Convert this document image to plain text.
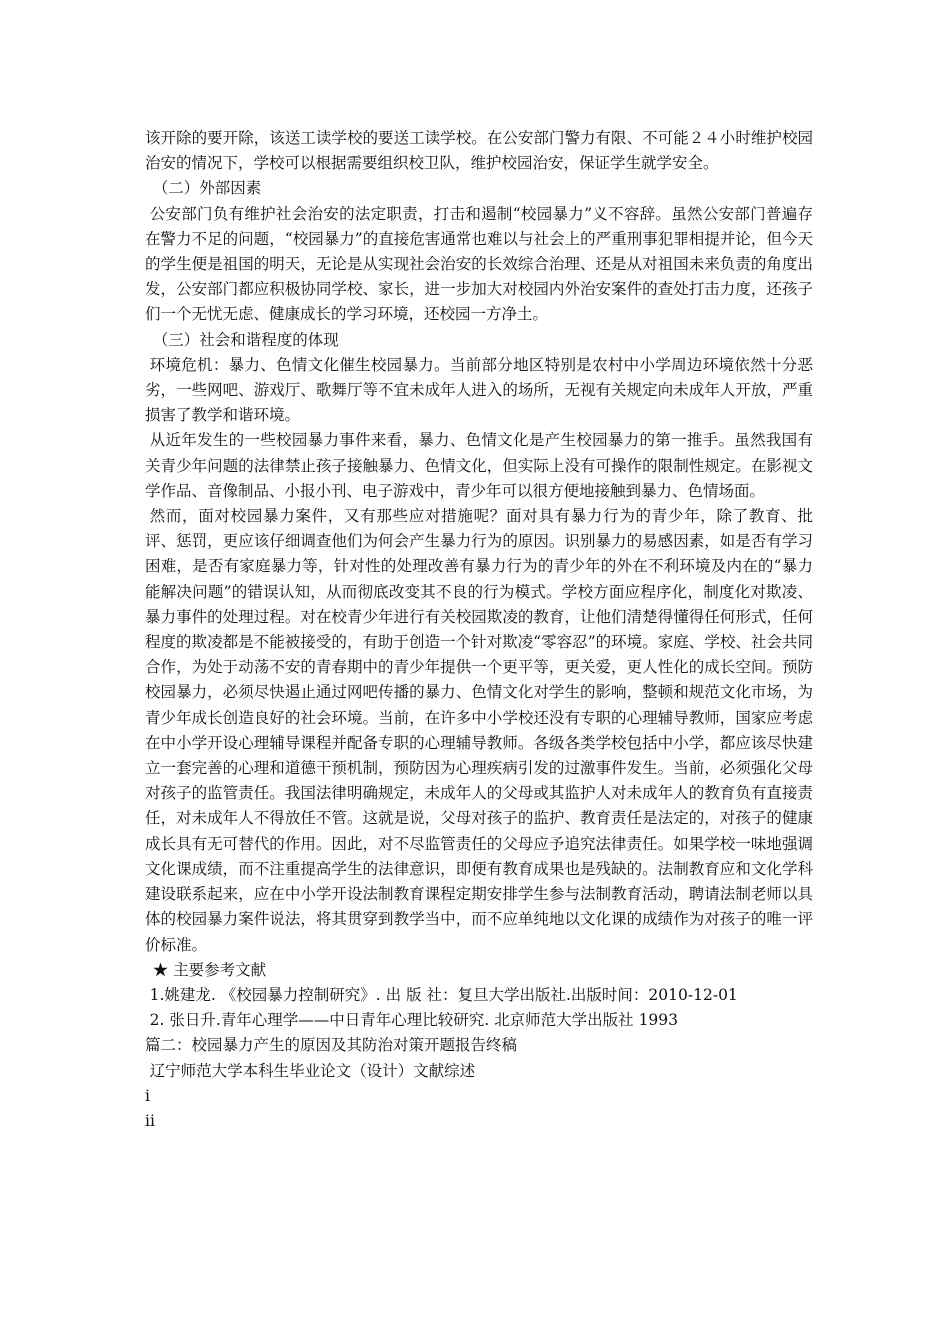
该开除的要开除，该送工读学校的要送工读学校。在公安部门警力有限、不可能２４小时维护校园治安的情况下，学校可以根据需要组织校卫队，维护校园治安，保证学生就学安全。

（二）外部因素

公安部门负有维护社会治安的法定职责，打击和遏制“校园暴力”义不容辞。虽然公安部门普遍存在警力不足的问题，“校园暴力”的直接危害通常也难以与社会上的严重刑事犯罪相提并论，但今天的学生便是祖国的明天，无论是从实现社会治安的长效综合治理、还是从对祖国未来负责的角度出发，公安部门都应积极协同学校、家长，进一步加大对校园内外治安案件的查处打击力度，还孩子们一个无忧无虑、健康成长的学习环境，还校园一方净土。

（三）社会和谐程度的体现

环境危机：暴力、色情文化催生校园暴力。当前部分地区特别是农村中小学周边环境依然十分恶劣，一些网吧、游戏厅、歌舞厅等不宜未成年人进入的场所，无视有关规定向未成年人开放，严重损害了教学和谐环境。

从近年发生的一些校园暴力事件来看，暴力、色情文化是产生校园暴力的第一推手。虽然我国有关青少年问题的法律禁止孩子接触暴力、色情文化，但实际上没有可操作的限制性规定。在影视文学作品、音像制品、小报小刊、电子游戏中，青少年可以很方便地接触到暴力、色情场面。

然而，面对校园暴力案件，又有那些应对措施呢？面对具有暴力行为的青少年，除了教育、批评、惩罚，更应该仔细调查他们为何会产生暴力行为的原因。识别暴力的易感因素，如是否有学习困难，是否有家庭暴力等，针对性的处理改善有暴力行为的青少年的外在不利环境及内在的“暴力能解决问题”的错误认知，从而彻底改变其不良的行为模式。学校方面应程序化，制度化对欺凌、暴力事件的处理过程。对在校青少年进行有关校园欺凌的教育，让他们清楚得懂得任何形式，任何程度的欺凌都是不能被接受的，有助于创造一个针对欺凌“零容忍”的环境。家庭、学校、社会共同合作，为处于动荡不安的青春期中的青少年提供一个更平等，更关爱，更人性化的成长空间。预防校园暴力，必须尽快遏止通过网吧传播的暴力、色情文化对学生的影响，整顿和规范文化市场，为青少年成长创造良好的社会环境。当前，在许多中小学校还没有专职的心理辅导教师，国家应考虑在中小学开设心理辅导课程并配备专职的心理辅导教师。各级各类学校包括中小学，都应该尽快建立一套完善的心理和道德干预机制，预防因为心理疾病引发的过激事件发生。当前，必须强化父母对孩子的监管责任。我国法律明确规定，未成年人的父母或其监护人对未成年人的教育负有直接责任，对未成年人不得放任不管。这就是说，父母对孩子的监护、教育责任是法定的，对孩子的健康成长具有无可替代的作用。因此，对不尽监管责任的父母应予追究法律责任。如果学校一味地强调文化课成绩，而不注重提高学生的法律意识，即便有教育成果也是残缺的。法制教育应和文化学科建设联系起来，应在中小学开设法制教育课程定期安排学生参与法制教育活动，聘请法制老师以具体的校园暴力案件说法，将其贯穿到教学当中，而不应单纯地以文化课的成绩作为对孩子的唯一评价标准。

★ 主要参考文献

1.姚建龙. 《校园暴力控制研究》. 出 版 社：复旦大学出版社.出版时间：2010-12-01

2. 张日升.青年心理学——中日青年心理比较研究. 北京师范大学出版社 1993

篇二：校园暴力产生的原因及其防治对策开题报告终稿

辽宁师范大学本科生毕业论文（设计）文献综述

i

ii
